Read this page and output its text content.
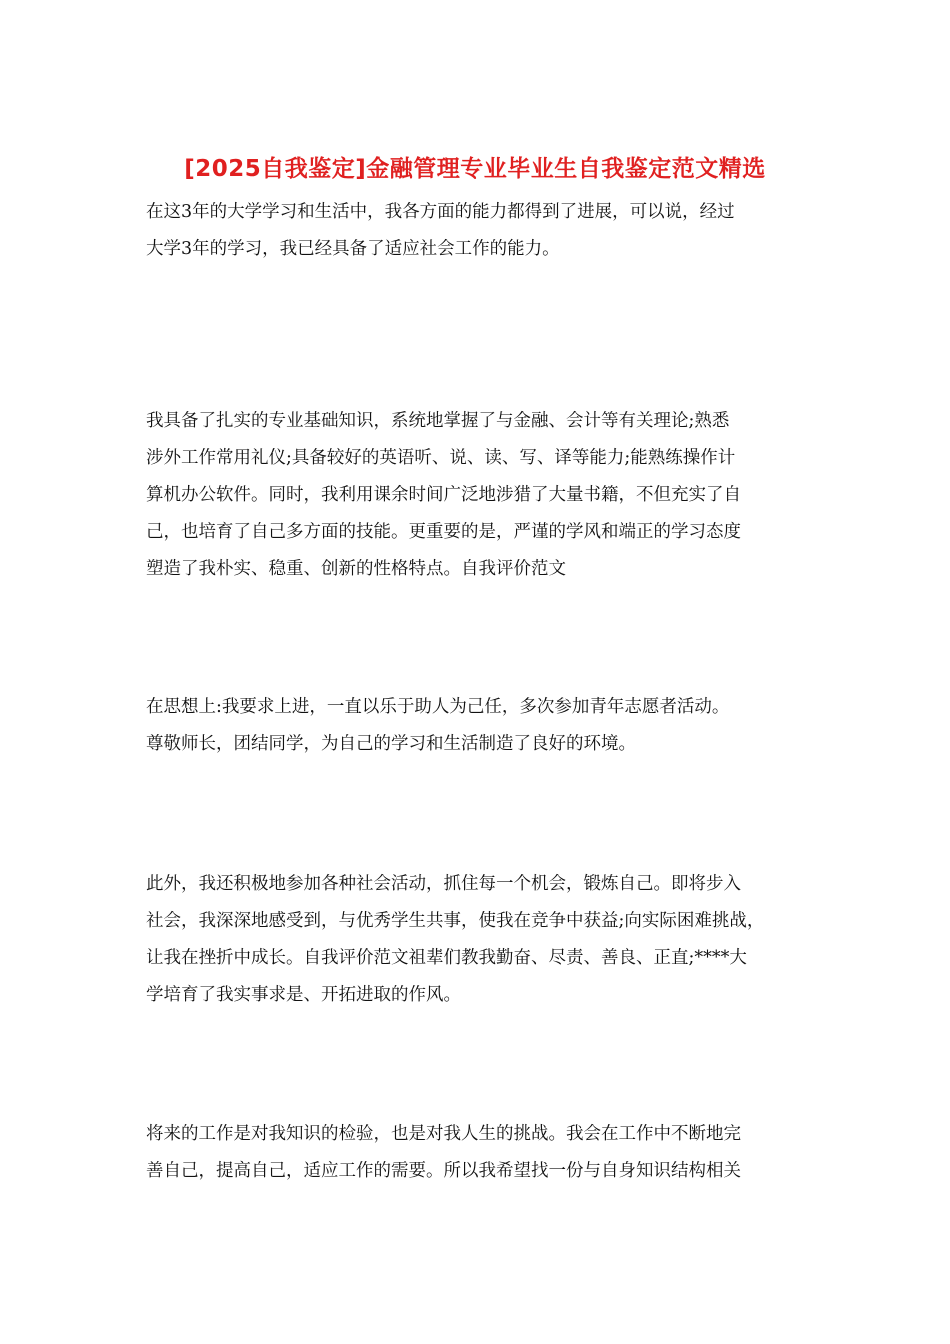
[2025自我鉴定]金融管理专业毕业生自我鉴定范文精选

在这3年的大学学习和生活中，我各方面的能力都得到了进展，可以说，经过
大学3年的学习，我已经具备了适应社会工作的能力。

我具备了扎实的专业基础知识，系统地掌握了与金融、会计等有关理论;熟悉
涉外工作常用礼仪;具备较好的英语听、说、读、写、译等能力;能熟练操作计
算机办公软件。同时，我利用课余时间广泛地涉猎了大量书籍，不但充实了自
己，也培育了自己多方面的技能。更重要的是，严谨的学风和端正的学习态度
塑造了我朴实、稳重、创新的性格特点。自我评价范文

在思想上:我要求上进，一直以乐于助人为己任，多次参加青年志愿者活动。
尊敬师长，团结同学，为自己的学习和生活制造了良好的环境。

此外，我还积极地参加各种社会活动，抓住每一个机会，锻炼自己。即将步入
社会，我深深地感受到，与优秀学生共事，使我在竞争中获益;向实际困难挑战，
让我在挫折中成长。自我评价范文祖辈们教我勤奋、尽责、善良、正直;****大
学培育了我实事求是、开拓进取的作风。

将来的工作是对我知识的检验，也是对我人生的挑战。我会在工作中不断地完
善自己，提高自己，适应工作的需要。所以我希望找一份与自身知识结构相关
